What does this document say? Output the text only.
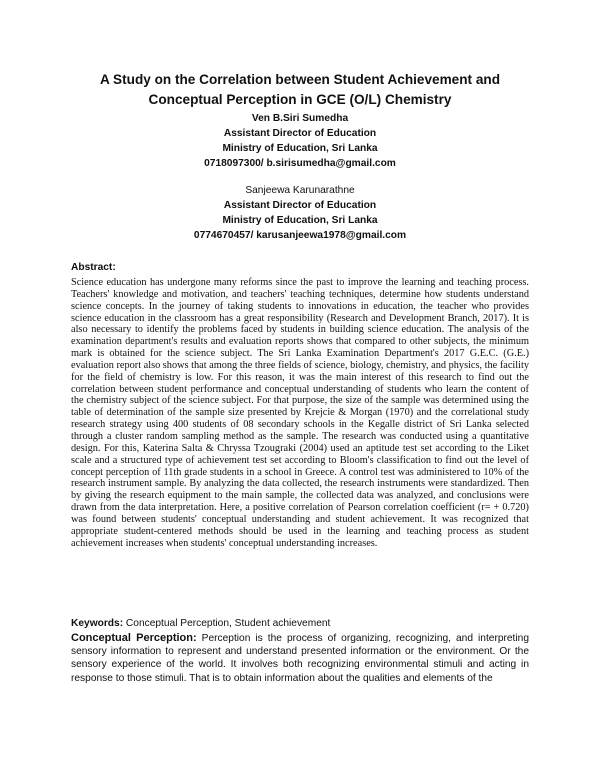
A Study on the Correlation between Student Achievement and
Conceptual Perception in GCE (O/L) Chemistry
Ven B.Siri Sumedha
Assistant Director of Education
Ministry of Education, Sri Lanka
0718097300/ b.sirisumedha@gmail.com
Sanjeewa Karunarathne
Assistant Director of Education
Ministry of Education, Sri Lanka
0774670457/ karusanjeewa1978@gmail.com
Abstract:

Science education has undergone many reforms since the past to improve the learning and teaching process. Teachers' knowledge and motivation, and teachers' teaching techniques, determine how students understand science concepts. In the journey of taking students to innovations in education, the teacher who provides science education in the classroom has a great responsibility (Research and Development Branch, 2017). It is also necessary to identify the problems faced by students in building science education. The analysis of the examination department's results and evaluation reports shows that compared to other subjects, the minimum mark is obtained for the science subject. The Sri Lanka Examination Department's 2017 G.E.C. (G.E.) evaluation report also shows that among the three fields of science, biology, chemistry, and physics, the facility for the field of chemistry is low. For this reason, it was the main interest of this research to find out the correlation between student performance and conceptual understanding of students who learn the content of the chemistry subject of the science subject. For that purpose, the size of the sample was determined using the table of determination of the sample size presented by Krejcie & Morgan (1970) and the correlational study research strategy using 400 students of 08 secondary schools in the Kegalle district of Sri Lanka selected through a cluster random sampling method as the sample. The research was conducted using a quantitative design. For this, Katerina Salta & Chryssa Tzougraki (2004) used an aptitude test set according to the Liket scale and a structured type of achievement test set according to Bloom's classification to find out the level of concept perception of 11th grade students in a school in Greece. A control test was administered to 10% of the research instrument sample. By analyzing the data collected, the research instruments were standardized. Then by giving the research equipment to the main sample, the collected data was analyzed, and conclusions were drawn from the data interpretation. Here, a positive correlation of Pearson correlation coefficient (r= + 0.720) was found between students' conceptual understanding and student achievement. It was recognized that appropriate student-centered methods should be used in the learning and teaching process as student achievement increases when students' conceptual understanding increases.

Keywords: Conceptual Perception, Student achievement

Conceptual Perception: Perception is the process of organizing, recognizing, and interpreting sensory information to represent and understand presented information or the environment. Or the sensory experience of the world. It involves both recognizing environmental stimuli and acting in response to those stimuli. That is to obtain information about the qualities and elements of the
